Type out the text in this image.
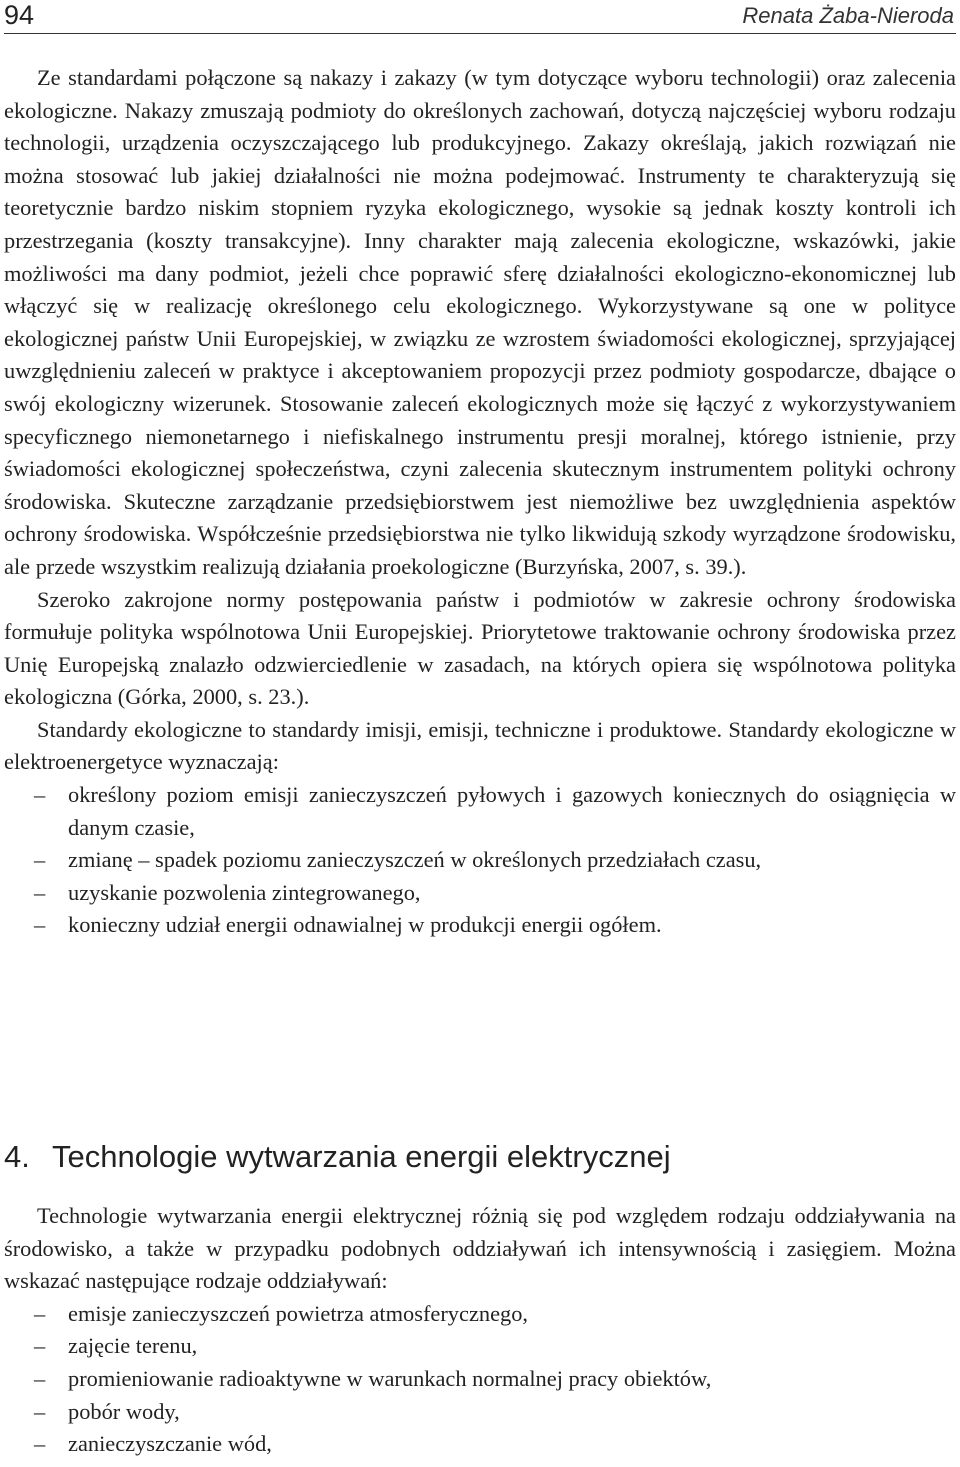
94	Renata Żaba-Nieroda

Ze standardami połączone są nakazy i zakazy (w tym dotyczące wyboru technologii) oraz zalecenia ekologiczne. Nakazy zmuszają podmioty do określonych zachowań, dotyczą najczęściej wyboru rodzaju technologii, urządzenia oczyszczającego lub produkcyjnego. Zakazy określają, jakich rozwiązań nie można stosować lub jakiej działalności nie można podejmować. Instrumenty te charakteryzują się teoretycznie bardzo niskim stopniem ryzyka ekologicznego, wysokie są jednak koszty kontroli ich przestrzegania (koszty transakcyjne). Inny charakter mają zalecenia ekologiczne, wskazówki, jakie możliwości ma dany podmiot, jeżeli chce poprawić sferę działalności ekologiczno-ekonomicznej lub włączyć się w realizację określonego celu ekologicznego. Wykorzystywane są one w polityce ekologicznej państw Unii Europejskiej, w związku ze wzrostem świadomości ekologicznej, sprzyjającej uwzględnieniu zaleceń w praktyce i akceptowaniem propozycji przez podmioty gospodarcze, dbające o swój ekologiczny wizerunek. Stosowanie zaleceń ekologicznych może się łączyć z wykorzystywaniem specyficznego niemonetarnego i niefiskalnego instrumentu presji moralnej, którego istnienie, przy świadomości ekologicznej społeczeństwa, czyni zalecenia skutecznym instrumentem polityki ochrony środowiska. Skuteczne zarządzanie przedsiębiorstwem jest niemożliwe bez uwzględnienia aspektów ochrony środowiska. Współcześnie przedsiębiorstwa nie tylko likwidują szkody wyrządzone środowisku, ale przede wszystkim realizują działania proekologiczne (Burzyńska, 2007, s. 39.).

Szeroko zakrojone normy postępowania państw i podmiotów w zakresie ochrony środowiska formułuje polityka wspólnotowa Unii Europejskiej. Priorytetowe traktowanie ochrony środowiska przez Unię Europejską znalazło odzwierciedlenie w zasadach, na których opiera się wspólnotowa polityka ekologiczna (Górka, 2000, s. 23.).

Standardy ekologiczne to standardy imisji, emisji, techniczne i produktowe. Standardy ekologiczne w elektroenergetyce wyznaczają:

– określony poziom emisji zanieczyszczeń pyłowych i gazowych koniecznych do osiągnięcia w danym czasie,

– zmianę – spadek poziomu zanieczyszczeń w określonych przedziałach czasu,

– uzyskanie pozwolenia zintegrowanego,

– konieczny udział energii odnawialnej w produkcji energii ogółem.

4. Technologie wytwarzania energii elektrycznej

Technologie wytwarzania energii elektrycznej różnią się pod względem rodzaju oddziaływania na środowisko, a także w przypadku podobnych oddziaływań ich intensywnością i zasięgiem. Można wskazać następujące rodzaje oddziaływań:

– emisje zanieczyszczeń powietrza atmosferycznego,

– zajęcie terenu,

– promieniowanie radioaktywne w warunkach normalnej pracy obiektów,

– pobór wody,

– zanieczyszczanie wód,
